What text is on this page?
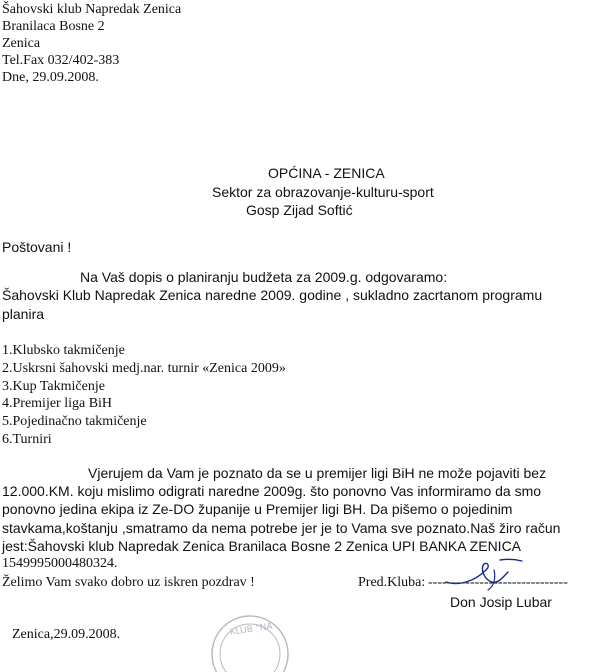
Šahovski klub Napredak Zenica
Branilaca Bosne 2
Zenica
Tel.Fax 032/402-383
Dne, 29.09.2008.
OPĆINA - ZENICA
Sektor za obrazovanje-kulturu-sport
Gosp Zijad Softić
Poštovani !
Na Vaš dopis o planiranju budžeta za 2009.g. odgovaramo:
Šahovski Klub Napredak Zenica naredne 2009. godine , sukladno zacrtanom programu
planira
1.Klubsko takmičenje
2.Uskrsni šahovski medj.nar. turnir «Zenica 2009»
3.Kup Takmičenje
4.Premijer liga BiH
5.Pojedinačno takmičenje
6.Turniri
Vjerujem da Vam je poznato da se u premijer ligi BiH ne može pojaviti bez
12.000.KM. koju mislimo odigrati naredne 2009g. što ponovno Vas informiramo da smo
ponovno jedina ekipa iz Ze-DO županije u Premijer ligi BH. Da pišemo o pojedinim
stavkama,koštanju ,smatramo da nema potrebe jer je to Vama sve poznato.Naš žiro račun
jest:Šahovski klub Napredak Zenica Branilaca Bosne 2 Zenica UPI BANKA ZENICA
1549995000480324.
Želimo Vam svako dobro uz iskren pozdrav !	Pred.Kluba: ------------------------------
Don Josip Lubar
Zenica,29.09.2008.	KLUB "NA
